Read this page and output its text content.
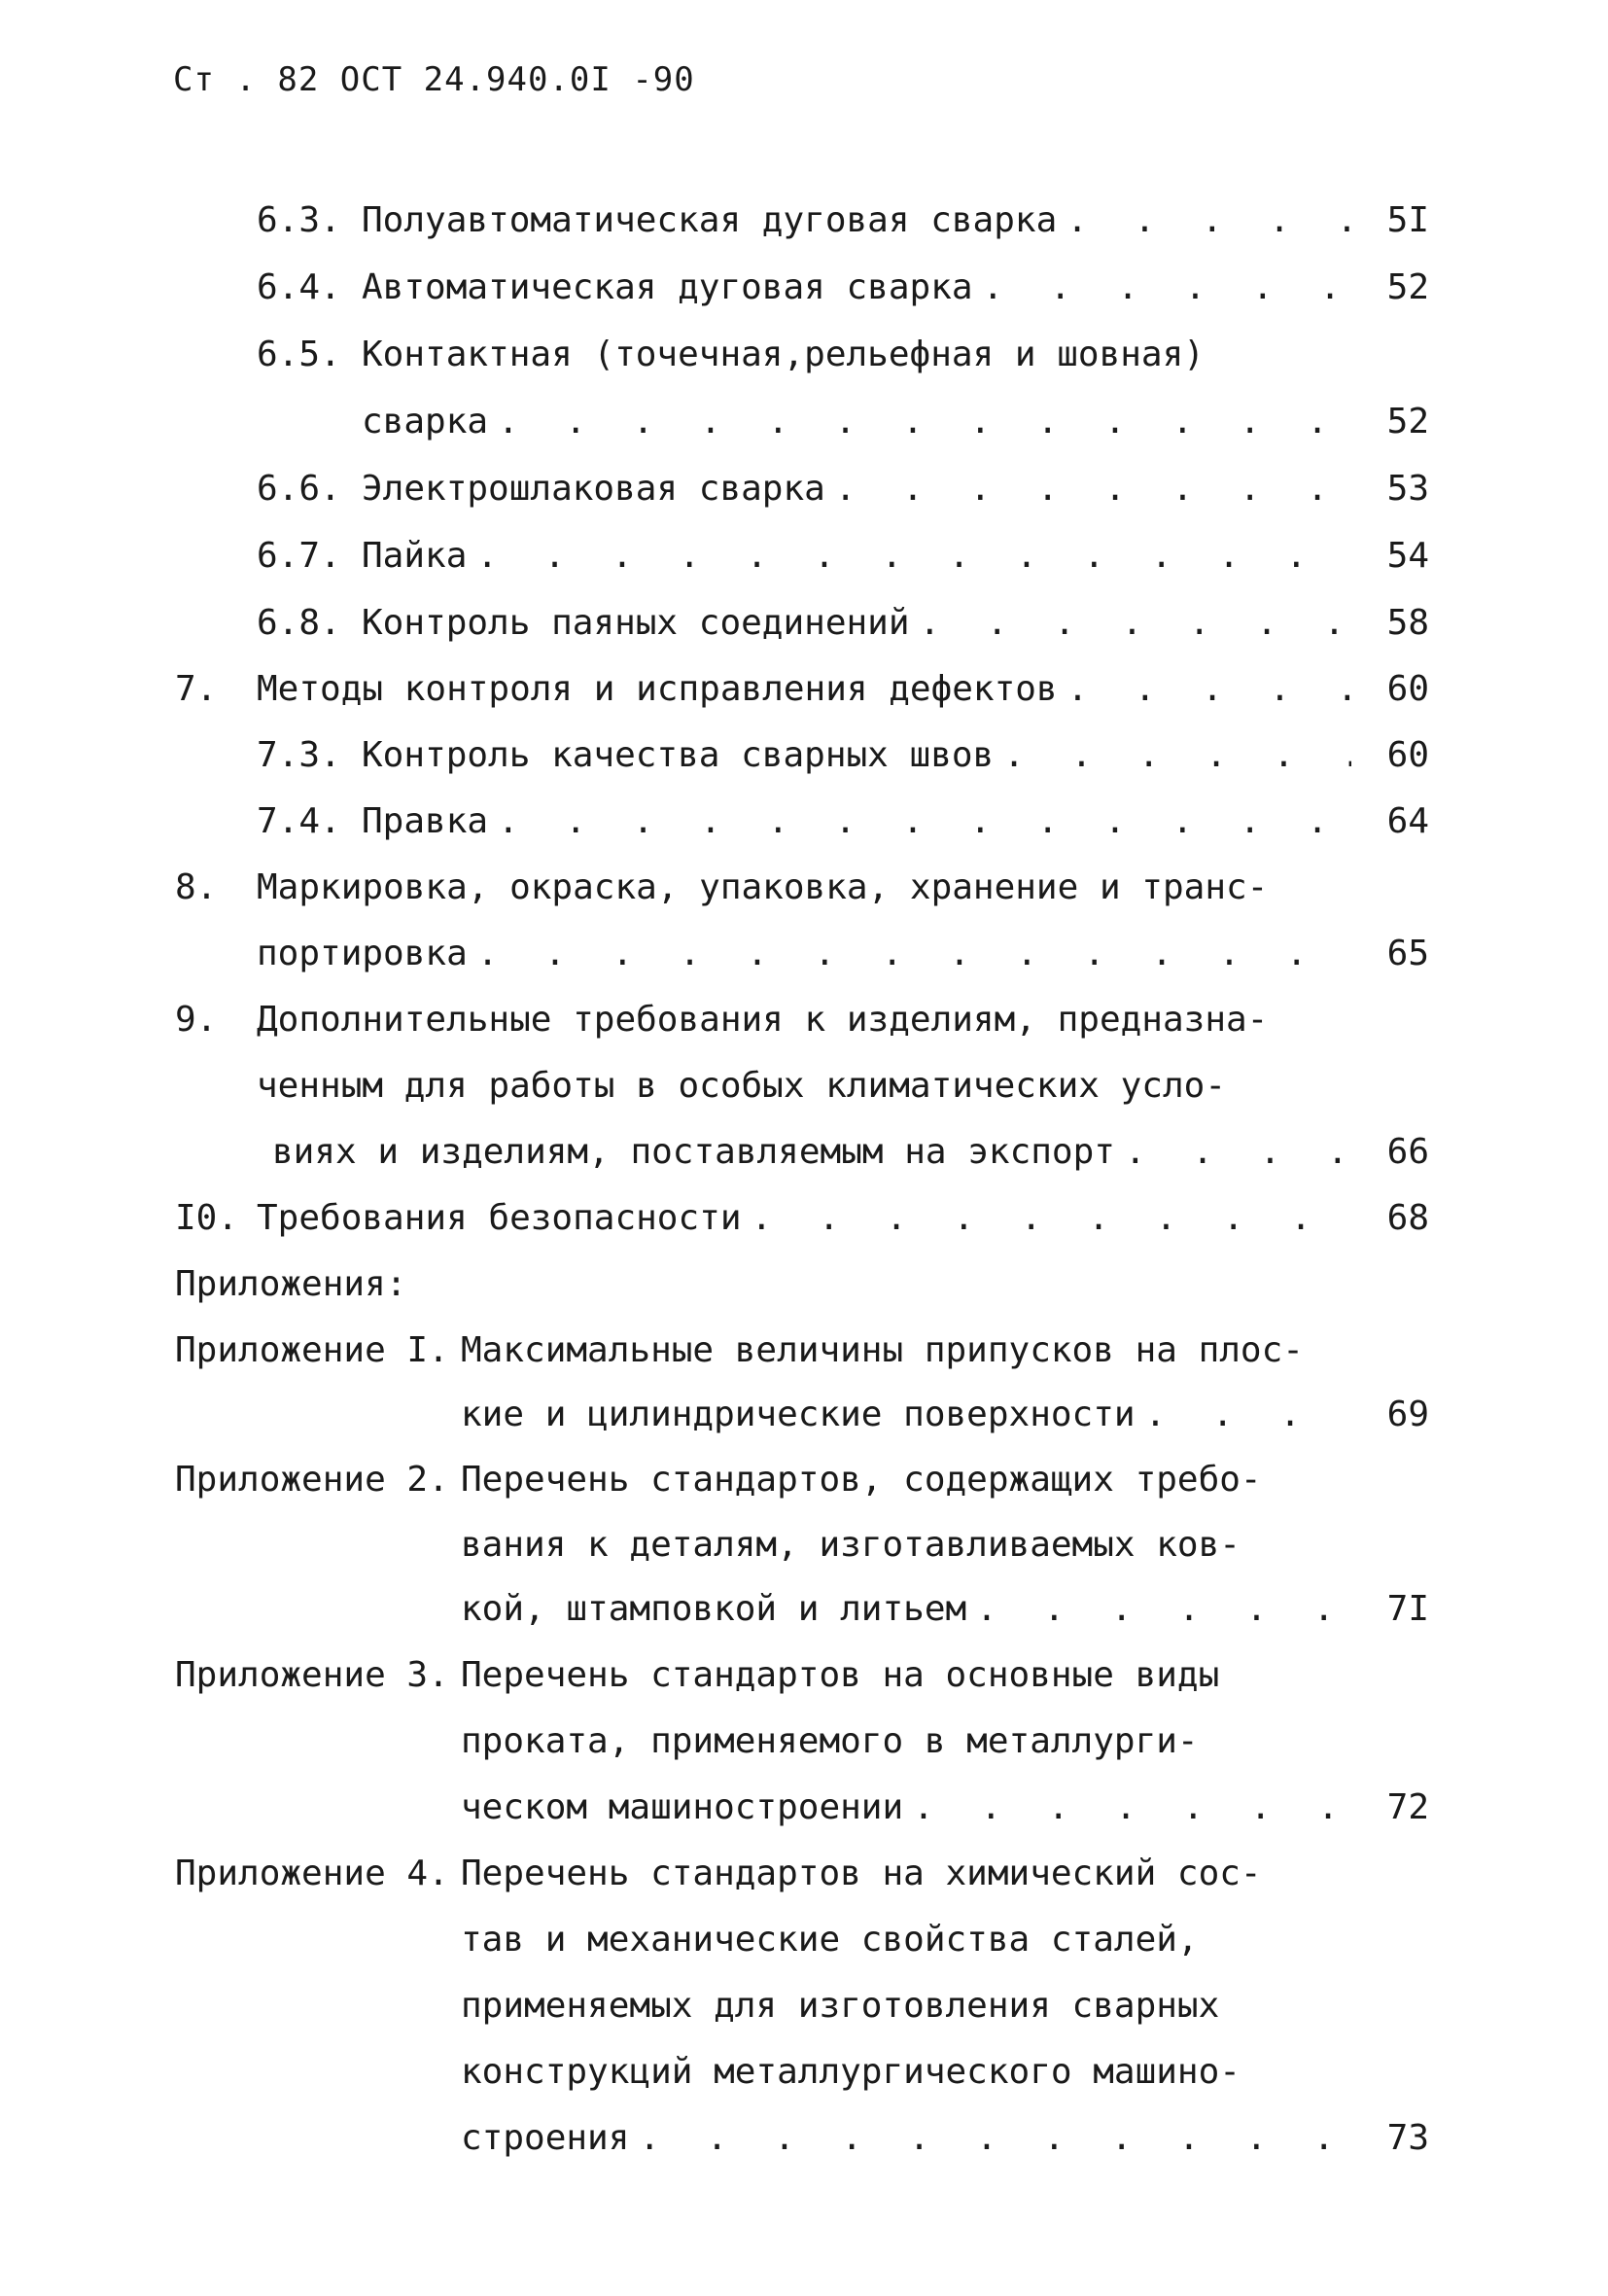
Ст . 82 ОСТ 24.940.0I -90
6.3. Полуавтоматическая дуговая сварка . . .	5I
6.4. Автоматическая дуговая сварка . . .	52
6.5. Контактная (точечная,рельефная и шовная)
сварка . . .	52
6.6. Электрошлаковая сварка . . .	53
6.7. Пайка . . .	54
6.8. Контроль паяных соединений . . .	58
7. Методы контроля и исправления дефектов . . .	60
7.3. Контроль качества сварных швов . . .	60
7.4. Правка . . .	64
8. Маркировка, окраска, упаковка, хранение и транс-
портировка . . .	65
9. Дополнительные требования к изделиям, предназна-
ченным для работы в особых климатических усло-
виях и изделиям, поставляемым на экспорт . . .	66
I0. Требования безопасности . . .	68
Приложения:
Приложение I. Максимальные величины припусков на плос-
кие и цилиндрические поверхности . . .	69
Приложение 2. Перечень стандартов, содержащих требо-
вания к деталям, изготавливаемых ков-
кой, штамповкой и литьем . . .	7I
Приложение 3. Перечень стандартов на основные виды
проката, применяемого в металлурги-
ческом машиностроении . . .	72
Приложение 4. Перечень стандартов на химический сос-
тав и механические свойства сталей,
применяемых для изготовления сварных
конструкций металлургического машино-
строения . . .	73
